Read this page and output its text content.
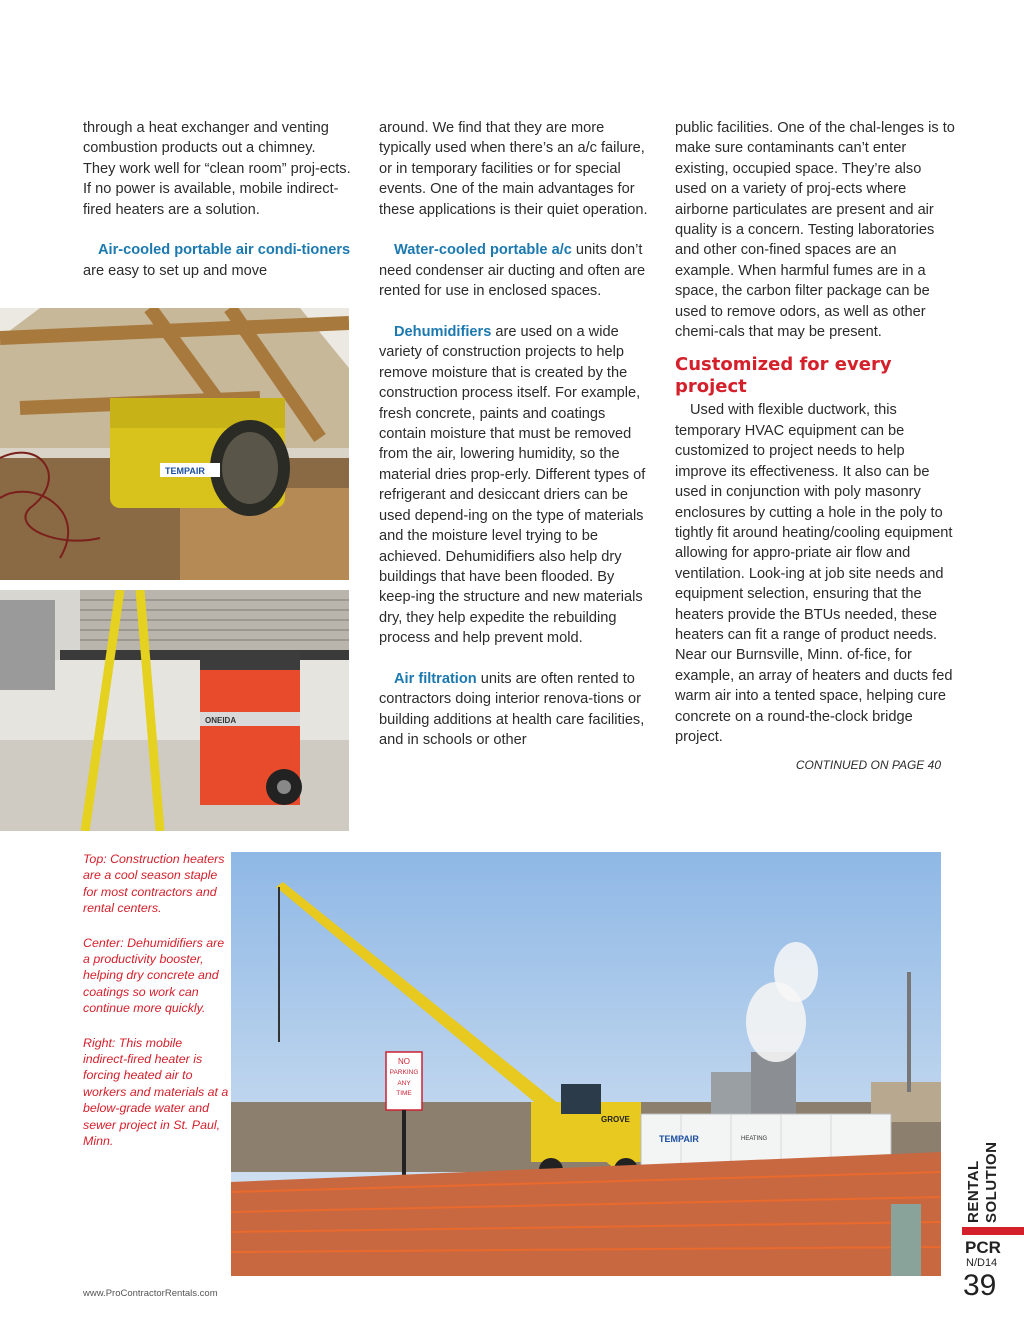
through a heat exchanger and venting combustion products out a chimney. They work well for “clean room” proj-ects. If no power is available, mobile indirect-fired heaters are a solution.

Air-cooled portable air condi-tioners are easy to set up and move

around. We find that they are more typically used when there’s an a/c failure, or in temporary facilities or for special events. One of the main advantages for these applications is their quiet operation.

Water-cooled portable a/c units don’t need condenser air ducting and often are rented for use in enclosed spaces.

Dehumidifiers are used on a wide variety of construction projects to help remove moisture that is created by the construction process itself. For example, fresh concrete, paints and coatings contain moisture that must be removed from the air, lowering humidity, so the material dries prop-erly. Different types of refrigerant and desiccant driers can be used depend-ing on the type of materials and the moisture level trying to be achieved. Dehumidifiers also help dry buildings that have been flooded. By keep-ing the structure and new materials dry, they help expedite the rebuilding process and help prevent mold.

Air filtration units are often rented to contractors doing interior renova-tions or building additions at health care facilities, and in schools or other

public facilities. One of the chal-lenges is to make sure contaminants can’t enter existing, occupied space. They’re also used on a variety of proj-ects where airborne particulates are present and air quality is a concern. Testing laboratories and other con-fined spaces are an example. When harmful fumes are in a space, the carbon filter package can be used to remove odors, as well as other chemi-cals that may be present.

Customized for every project

Used with flexible ductwork, this temporary HVAC equipment can be customized to project needs to help improve its effectiveness. It also can be used in conjunction with poly masonry enclosures by cutting a hole in the poly to tightly fit around heating/cooling equipment allowing for appro-priate air flow and ventilation. Look-ing at job site needs and equipment selection, ensuring that the heaters provide the BTUs needed, these heaters can fit a range of product needs. Near our Burnsville, Minn. of-fice, for example, an array of heaters and ducts fed warm air into a tented space, helping cure concrete on a round-the-clock bridge project.

CONTINUED ON PAGE 40
TEMPAIR
ONEIDA

Top: Construction heaters are a cool season staple for most contractors and rental centers.

Center: Dehumidifiers are a productivity booster, helping dry concrete and coatings so work can continue more quickly.

Right: This mobile indirect-fired heater is forcing heated air to workers and materials at a below-grade water and sewer project in St. Paul, Minn.

GROVE
NO
PARKING
ANY
TIME
TEMPAIR	HEATING
www.ProContractorRentals.com
RENTAL SOLUTION
PCR
N/D14
39
